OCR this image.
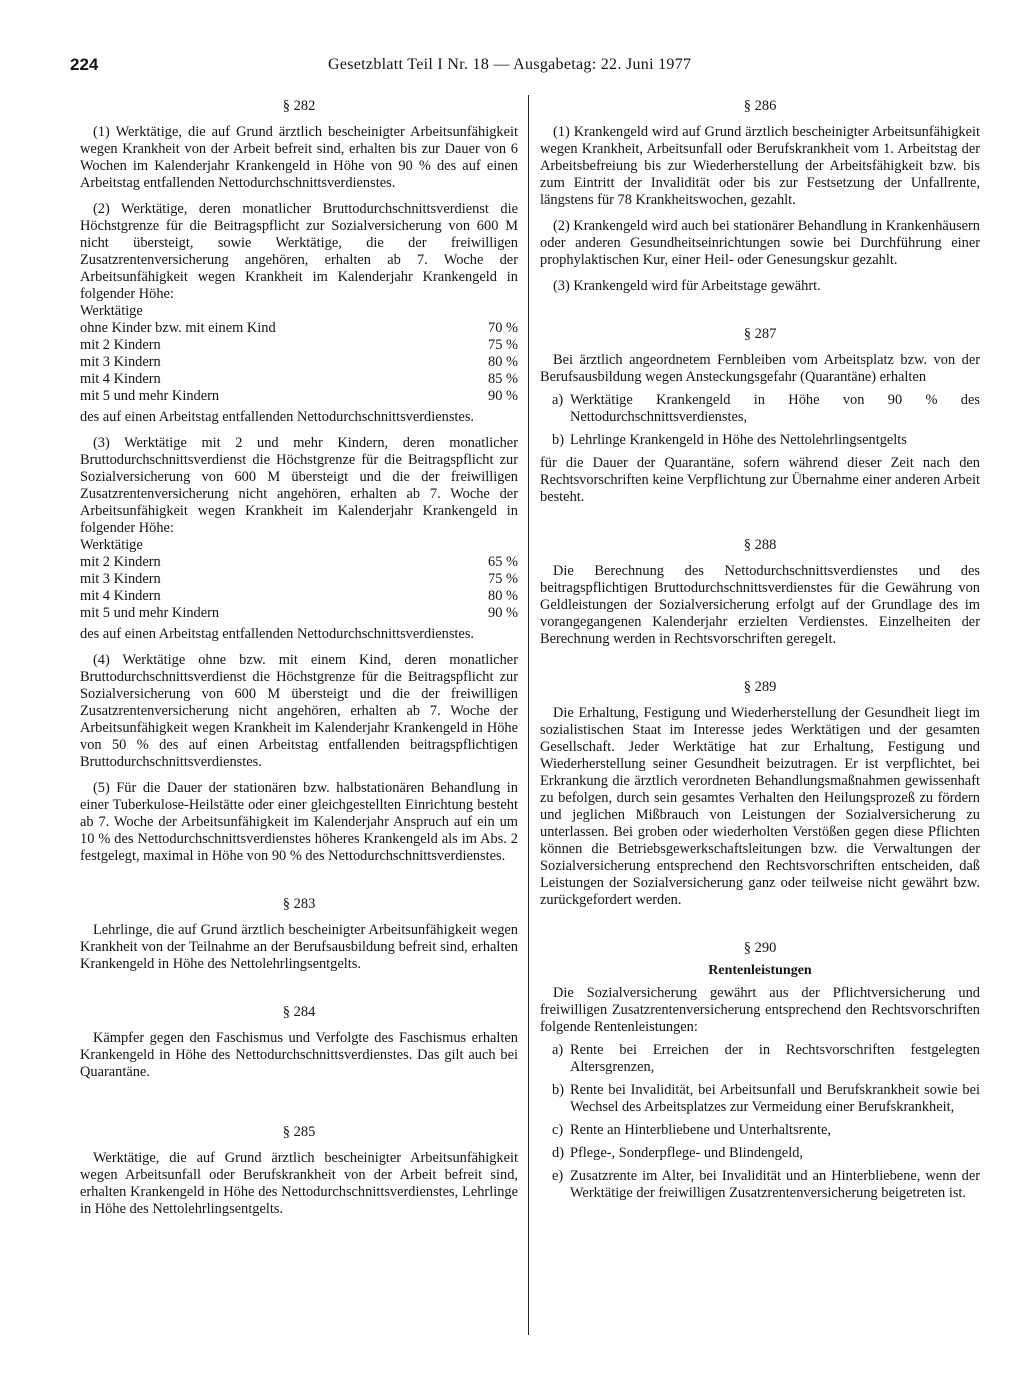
224	Gesetzblatt Teil I Nr. 18 — Ausgabetag: 22. Juni 1977
§ 282

(1) Werktätige, die auf Grund ärztlich bescheinigter Arbeitsunfähigkeit wegen Krankheit von der Arbeit befreit sind, erhalten bis zur Dauer von 6 Wochen im Kalenderjahr Krankengeld in Höhe von 90 % des auf einen Arbeitstag entfallenden Nettodurchschnittsverdienstes.

(2) Werktätige, deren monatlicher Bruttodurchschnittsverdienst die Höchstgrenze für die Beitragspflicht zur Sozialversicherung von 600 M nicht übersteigt, sowie Werktätige, die der freiwilligen Zusatzrentenversicherung angehören, erhalten ab 7. Woche der Arbeitsunfähigkeit wegen Krankheit im Kalenderjahr Krankengeld in folgender Höhe:

Werktätige
ohne Kinder bzw. mit einem Kind	70 %
mit 2 Kindern	75 %
mit 3 Kindern	80 %
mit 4 Kindern	85 %
mit 5 und mehr Kindern	90 %

des auf einen Arbeitstag entfallenden Nettodurchschnittsverdienstes.

(3) Werktätige mit 2 und mehr Kindern, deren monatlicher Bruttodurchschnittsverdienst die Höchstgrenze für die Beitragspflicht zur Sozialversicherung von 600 M übersteigt und die der freiwilligen Zusatzrentenversicherung nicht angehören, erhalten ab 7. Woche der Arbeitsunfähigkeit wegen Krankheit im Kalenderjahr Krankengeld in folgender Höhe:

Werktätige
mit 2 Kindern	65 %
mit 3 Kindern	75 %
mit 4 Kindern	80 %
mit 5 und mehr Kindern	90 %

des auf einen Arbeitstag entfallenden Nettodurchschnittsverdienstes.

(4) Werktätige ohne bzw. mit einem Kind, deren monatlicher Bruttodurchschnittsverdienst die Höchstgrenze für die Beitragspflicht zur Sozialversicherung von 600 M übersteigt und die der freiwilligen Zusatzrentenversicherung nicht angehören, erhalten ab 7. Woche der Arbeitsunfähigkeit wegen Krankheit im Kalenderjahr Krankengeld in Höhe von 50 % des auf einen Arbeitstag entfallenden beitragspflichtigen Bruttodurchschnittsverdienstes.

(5) Für die Dauer der stationären bzw. halbstationären Behandlung in einer Tuberkulose-Heilstätte oder einer gleichgestellten Einrichtung besteht ab 7. Woche der Arbeitsunfähigkeit im Kalenderjahr Anspruch auf ein um 10 % des Nettodurchschnittsverdienstes höheres Krankengeld als im Abs. 2 festgelegt, maximal in Höhe von 90 % des Nettodurchschnittsverdienstes.

§ 283

Lehrlinge, die auf Grund ärztlich bescheinigter Arbeitsunfähigkeit wegen Krankheit von der Teilnahme an der Berufsausbildung befreit sind, erhalten Krankengeld in Höhe des Nettolehrlingsentgelts.

§ 284

Kämpfer gegen den Faschismus und Verfolgte des Faschismus erhalten Krankengeld in Höhe des Nettodurchschnittsverdienstes. Das gilt auch bei Quarantäne.

§ 285

Werktätige, die auf Grund ärztlich bescheinigter Arbeitsunfähigkeit wegen Arbeitsunfall oder Berufskrankheit von der Arbeit befreit sind, erhalten Krankengeld in Höhe des Nettodurchschnittsverdienstes, Lehrlinge in Höhe des Nettolehrlingsentgelts.

§ 286

(1) Krankengeld wird auf Grund ärztlich bescheinigter Arbeitsunfähigkeit wegen Krankheit, Arbeitsunfall oder Berufskrankheit vom 1. Arbeitstag der Arbeitsbefreiung bis zur Wiederherstellung der Arbeitsfähigkeit bzw. bis zum Eintritt der Invalidität oder bis zur Festsetzung der Unfallrente, längstens für 78 Krankheitswochen, gezahlt.

(2) Krankengeld wird auch bei stationärer Behandlung in Krankenhäusern oder anderen Gesundheitseinrichtungen sowie bei Durchführung einer prophylaktischen Kur, einer Heil- oder Genesungskur gezahlt.

(3) Krankengeld wird für Arbeitstage gewährt.

§ 287

Bei ärztlich angeordnetem Fernbleiben vom Arbeitsplatz bzw. von der Berufsausbildung wegen Ansteckungsgefahr (Quarantäne) erhalten

a) Werktätige Krankengeld in Höhe von 90 % des Nettodurchschnittsverdienstes,
b) Lehrlinge Krankengeld in Höhe des Nettolehrlingsentgelts

für die Dauer der Quarantäne, sofern während dieser Zeit nach den Rechtsvorschriften keine Verpflichtung zur Übernahme einer anderen Arbeit besteht.

§ 288

Die Berechnung des Nettodurchschnittsverdienstes und des beitragspflichtigen Bruttodurchschnittsverdienstes für die Gewährung von Geldleistungen der Sozialversicherung erfolgt auf der Grundlage des im vorangegangenen Kalenderjahr erzielten Verdienstes. Einzelheiten der Berechnung werden in Rechtsvorschriften geregelt.

§ 289

Die Erhaltung, Festigung und Wiederherstellung der Gesundheit liegt im sozialistischen Staat im Interesse jedes Werktätigen und der gesamten Gesellschaft. Jeder Werktätige hat zur Erhaltung, Festigung und Wiederherstellung seiner Gesundheit beizutragen. Er ist verpflichtet, bei Erkrankung die ärztlich verordneten Behandlungsmaßnahmen gewissenhaft zu befolgen, durch sein gesamtes Verhalten den Heilungsprozeß zu fördern und jeglichen Mißbrauch von Leistungen der Sozialversicherung zu unterlassen. Bei groben oder wiederholten Verstößen gegen diese Pflichten können die Betriebsgewerkschaftsleitungen bzw. die Verwaltungen der Sozialversicherung entsprechend den Rechtsvorschriften entscheiden, daß Leistungen der Sozialversicherung ganz oder teilweise nicht gewährt bzw. zurückgefordert werden.

§ 290
Rentenleistungen

Die Sozialversicherung gewährt aus der Pflichtversicherung und freiwilligen Zusatzrentenversicherung entsprechend den Rechtsvorschriften folgende Rentenleistungen:

a) Rente bei Erreichen der in Rechtsvorschriften festgelegten Altersgrenzen,
b) Rente bei Invalidität, bei Arbeitsunfall und Berufskrankheit sowie bei Wechsel des Arbeitsplatzes zur Vermeidung einer Berufskrankheit,
c) Rente an Hinterbliebene und Unterhaltsrente,
d) Pflege-, Sonderpflege- und Blindengeld,
e) Zusatzrente im Alter, bei Invalidität und an Hinterbliebene, wenn der Werktätige der freiwilligen Zusatzrentenversicherung beigetreten ist.
